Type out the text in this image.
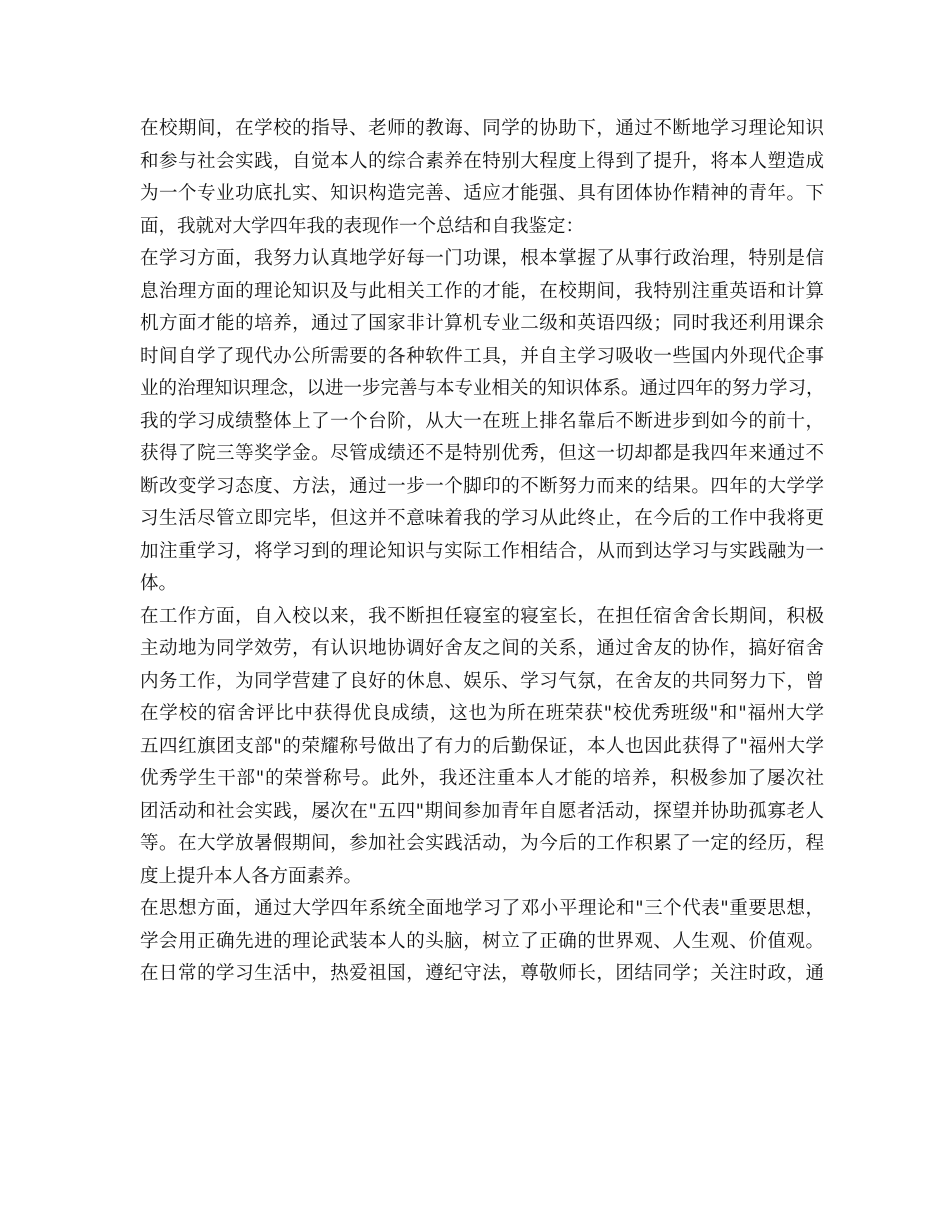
在校期间，在学校的指导、老师的教诲、同学的协助下，通过不断地学习理论知识
和参与社会实践，自觉本人的综合素养在特别大程度上得到了提升，将本人塑造成
为一个专业功底扎实、知识构造完善、适应才能强、具有团体协作精神的青年。下
面，我就对大学四年我的表现作一个总结和自我鉴定：
在学习方面，我努力认真地学好每一门功课，根本掌握了从事行政治理，特别是信
息治理方面的理论知识及与此相关工作的才能，在校期间，我特别注重英语和计算
机方面才能的培养，通过了国家非计算机专业二级和英语四级；同时我还利用课余
时间自学了现代办公所需要的各种软件工具，并自主学习吸收一些国内外现代企事
业的治理知识理念，以进一步完善与本专业相关的知识体系。通过四年的努力学习，
我的学习成绩整体上了一个台阶，从大一在班上排名靠后不断进步到如今的前十，
获得了院三等奖学金。尽管成绩还不是特别优秀，但这一切却都是我四年来通过不
断改变学习态度、方法，通过一步一个脚印的不断努力而来的结果。四年的大学学
习生活尽管立即完毕，但这并不意味着我的学习从此终止，在今后的工作中我将更
加注重学习，将学习到的理论知识与实际工作相结合，从而到达学习与实践融为一
体。
在工作方面，自入校以来，我不断担任寝室的寝室长，在担任宿舍舍长期间，积极
主动地为同学效劳，有认识地协调好舍友之间的关系，通过舍友的协作，搞好宿舍
内务工作，为同学营建了良好的休息、娱乐、学习气氛，在舍友的共同努力下，曾
在学校的宿舍评比中获得优良成绩，这也为所在班荣获"校优秀班级"和"福州大学
五四红旗团支部"的荣耀称号做出了有力的后勤保证，本人也因此获得了"福州大学
优秀学生干部"的荣誉称号。此外，我还注重本人才能的培养，积极参加了屡次社
团活动和社会实践，屡次在"五四"期间参加青年自愿者活动，探望并协助孤寡老人
等。在大学放暑假期间，参加社会实践活动，为今后的工作积累了一定的经历，程
度上提升本人各方面素养。
在思想方面，通过大学四年系统全面地学习了邓小平理论和"三个代表"重要思想，
学会用正确先进的理论武装本人的头脑，树立了正确的世界观、人生观、价值观。
在日常的学习生活中，热爱祖国，遵纪守法，尊敬师长，团结同学；关注时政，通
